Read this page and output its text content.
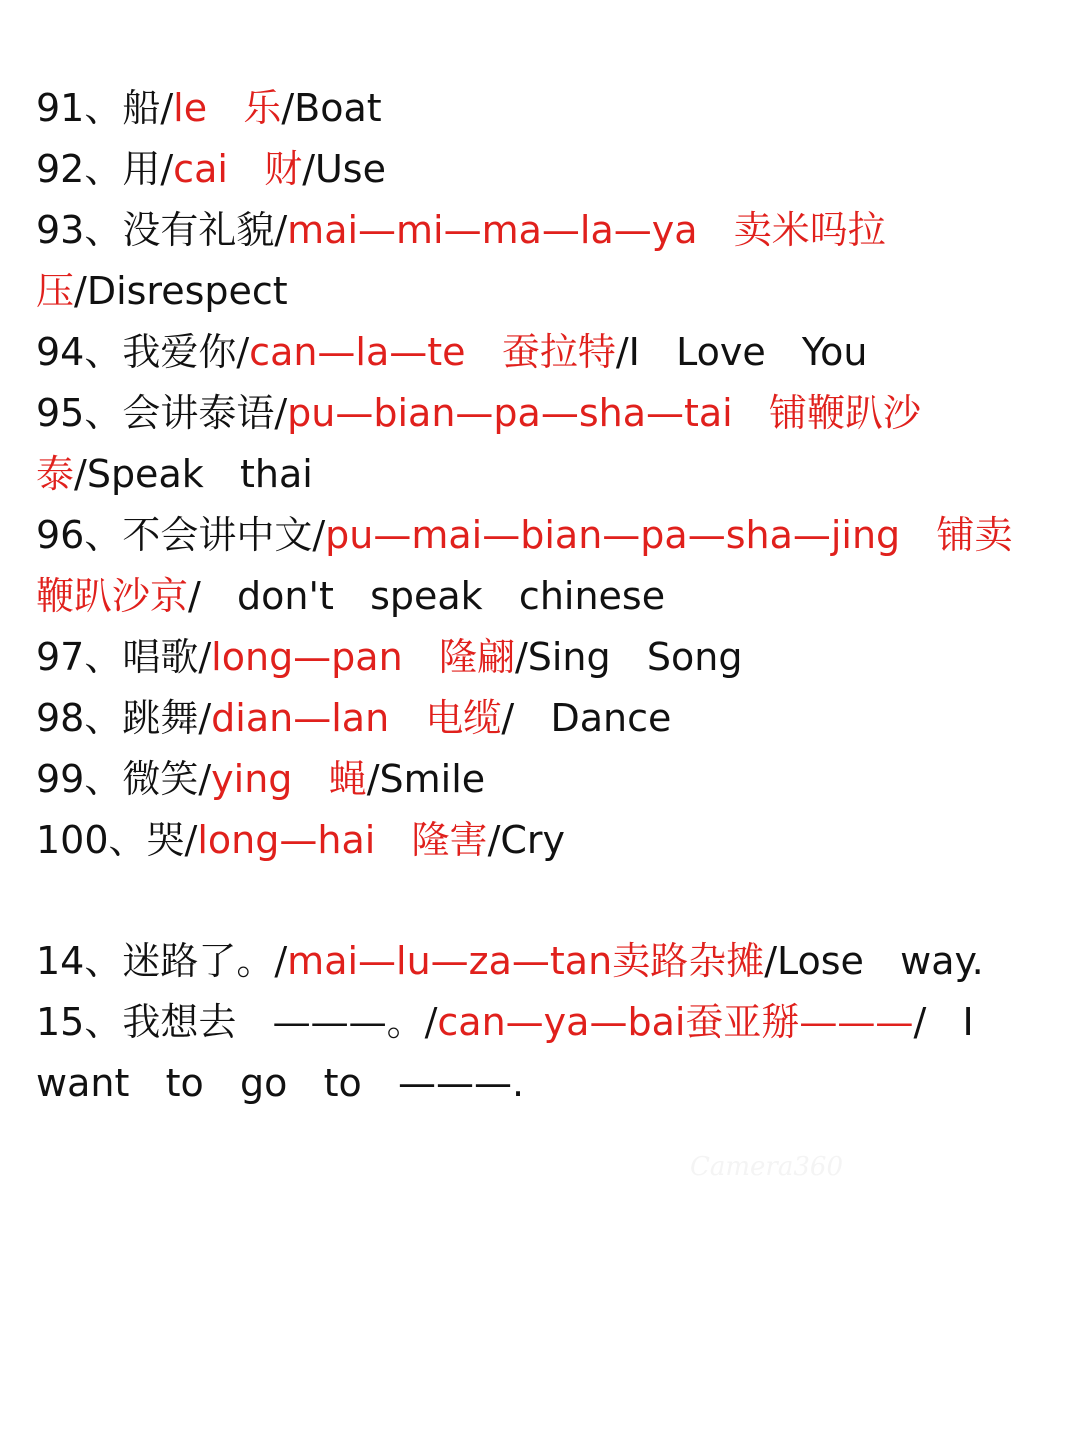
91、船/le 乐/Boat
92、用/cai 财/Use
93、没有礼貌/mai—mi—ma—la—ya 卖米吗拉
压/Disrespect
94、我爱你/can—la—te 蚕拉特/I   Love   You
95、会讲泰语/pu—bian—pa—sha—tai 铺鞭趴沙
泰/Speak   thai
96、不会讲中文/pu—mai—bian—pa—sha—jing 铺卖
鞭趴沙京/   don't   speak   chinese
97、唱歌/long—pan 隆翩/Sing   Song
98、跳舞/dian—lan 电缆/   Dance
99、微笑/ying 蝇/Smile
100、哭/long—hai 隆害/Cry
14、迷路了。/mai—lu—za—tan卖路杂摊/Lose   way.
15、我想去   ———。/can—ya—bai蚕亚掰———/   I
want   to   go   to   ———.
Camera360
